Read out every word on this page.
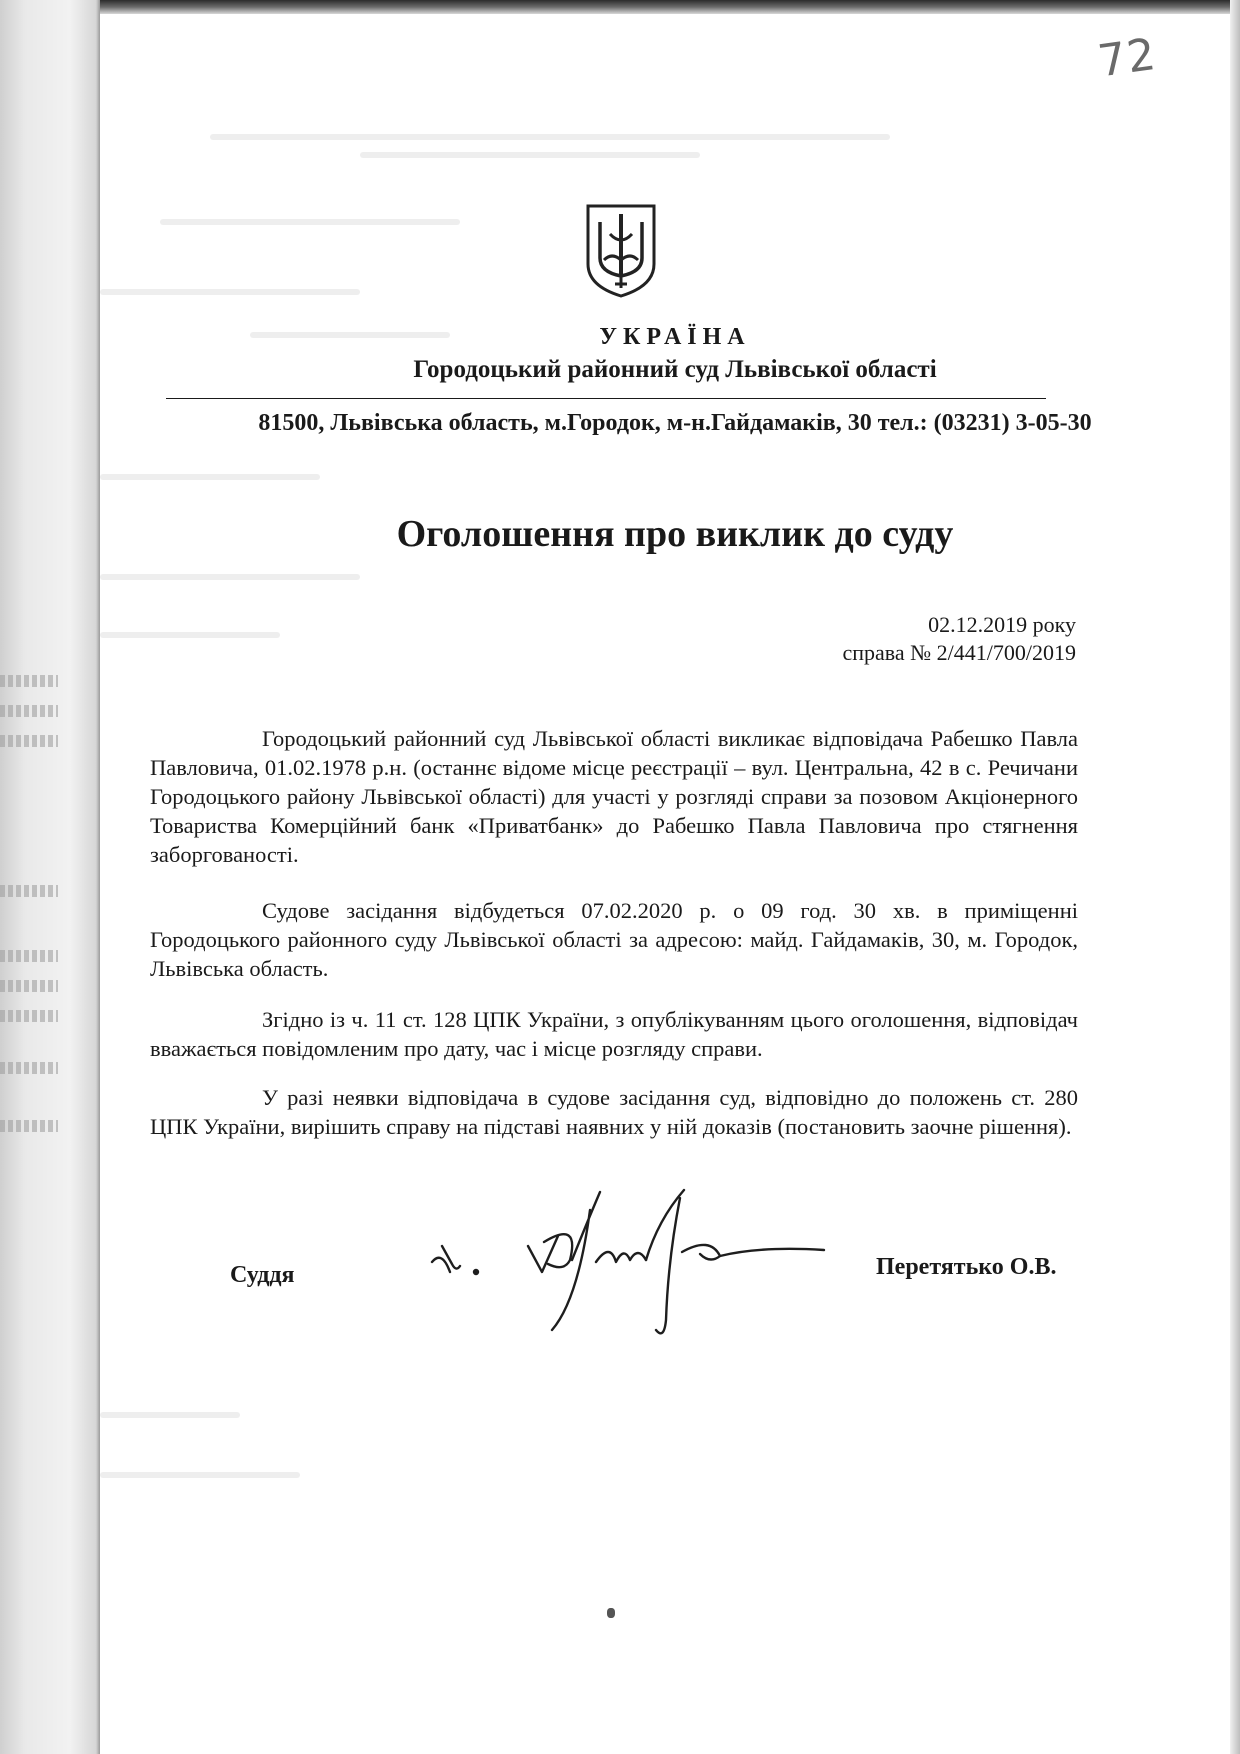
72
УКРАЇНА
Городоцький районний суд Львівської області
81500, Львівська область, м.Городок, м-н.Гайдамаків, 30 тел.: (03231) 3-05-30
Оголошення про виклик до суду
02.12.2019 року
справа № 2/441/700/2019

Городоцький районний суд Львівської області викликає відповідача Рабешко Павла Павловича, 01.02.1978 р.н. (останнє відоме місце реєстрації – вул. Центральна, 42 в с. Речичани Городоцького району Львівської області) для участі у розгляді справи за позовом Акціонерного Товариства Комерційний банк «Приватбанк» до Рабешко Павла Павловича про стягнення заборгованості.

Судове засідання відбудеться 07.02.2020 р. о 09 год. 30 хв. в приміщенні Городоцького районного суду Львівської області за адресою: майд. Гайдамаків, 30, м. Городок, Львівська область.

Згідно із ч. 11 ст. 128 ЦПК України, з опублікуванням цього оголошення, відповідач вважається повідомленим про дату, час і місце розгляду справи.

У разі неявки відповідача в судове засідання суд, відповідно до положень ст. 280 ЦПК України, вирішить справу на підставі наявних у ній доказів (постановить заочне рішення).

Суддя	Перетятько О.В.
